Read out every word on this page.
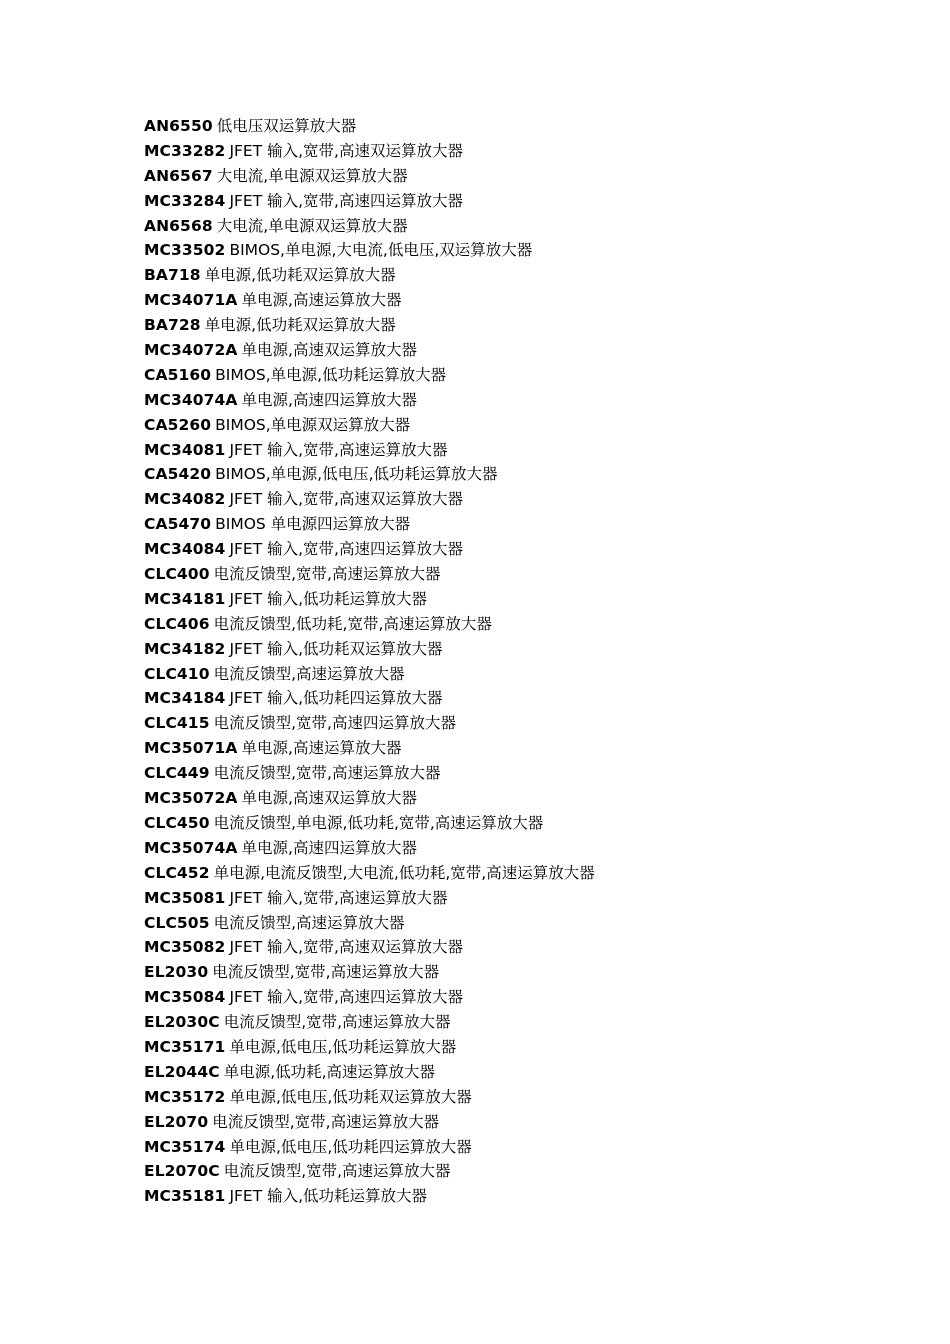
AN6550 低电压双运算放大器
MC33282 JFET 输入,宽带,高速双运算放大器
AN6567 大电流,单电源双运算放大器
MC33284 JFET 输入,宽带,高速四运算放大器
AN6568 大电流,单电源双运算放大器
MC33502 BIMOS,单电源,大电流,低电压,双运算放大器
BA718 单电源,低功耗双运算放大器
MC34071A 单电源,高速运算放大器
BA728 单电源,低功耗双运算放大器
MC34072A 单电源,高速双运算放大器
CA5160 BIMOS,单电源,低功耗运算放大器
MC34074A 单电源,高速四运算放大器
CA5260 BIMOS,单电源双运算放大器
MC34081 JFET 输入,宽带,高速运算放大器
CA5420 BIMOS,单电源,低电压,低功耗运算放大器
MC34082 JFET 输入,宽带,高速双运算放大器
CA5470 BIMOS 单电源四运算放大器
MC34084 JFET 输入,宽带,高速四运算放大器
CLC400 电流反馈型,宽带,高速运算放大器
MC34181 JFET 输入,低功耗运算放大器
CLC406 电流反馈型,低功耗,宽带,高速运算放大器
MC34182 JFET 输入,低功耗双运算放大器
CLC410 电流反馈型,高速运算放大器
MC34184 JFET 输入,低功耗四运算放大器
CLC415 电流反馈型,宽带,高速四运算放大器
MC35071A 单电源,高速运算放大器
CLC449 电流反馈型,宽带,高速运算放大器
MC35072A 单电源,高速双运算放大器
CLC450 电流反馈型,单电源,低功耗,宽带,高速运算放大器
MC35074A 单电源,高速四运算放大器
CLC452 单电源,电流反馈型,大电流,低功耗,宽带,高速运算放大器
MC35081 JFET 输入,宽带,高速运算放大器
CLC505 电流反馈型,高速运算放大器
MC35082 JFET 输入,宽带,高速双运算放大器
EL2030 电流反馈型,宽带,高速运算放大器
MC35084 JFET 输入,宽带,高速四运算放大器
EL2030C 电流反馈型,宽带,高速运算放大器
MC35171 单电源,低电压,低功耗运算放大器
EL2044C 单电源,低功耗,高速运算放大器
MC35172 单电源,低电压,低功耗双运算放大器
EL2070 电流反馈型,宽带,高速运算放大器
MC35174 单电源,低电压,低功耗四运算放大器
EL2070C 电流反馈型,宽带,高速运算放大器
MC35181 JFET 输入,低功耗运算放大器
